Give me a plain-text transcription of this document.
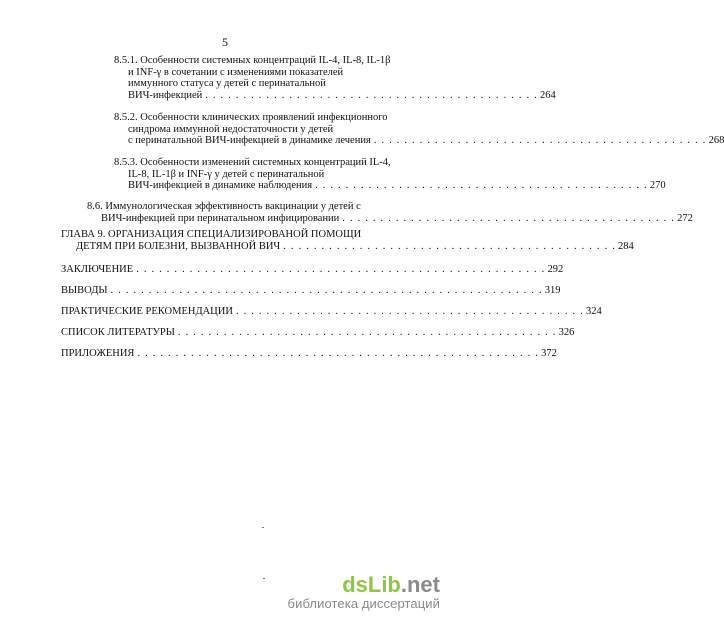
5
8.5.1. Особенности системных концентраций IL-4, IL-8, IL-1β
и INF-γ в сочетании с изменениями показателей
иммунного статуса у детей с перинатальной
ВИЧ-инфекцией . . . . . . . . . . . . . . . . . . . . . . . . . . . . . . . . . . . . . . . . . . . . 264
8.5.2. Особенности клинических проявлений инфекционного
синдрома иммунной недостаточности у детей
с перинатальной ВИЧ-инфекцией в динамике лечения . . . . . . . . . . . . . . . . . . . . . . . . . . . . . . . . . . . . . . . . . . . . 268
8.5.3. Особенности изменений системных концентраций IL-4,
IL-8, IL-1β и INF-γ у детей с перинатальной
ВИЧ-инфекцией в динамике наблюдения . . . . . . . . . . . . . . . . . . . . . . . . . . . . . . . . . . . . . . . . . . . . 270
8.6. Иммунологическая эффективность вакцинации у детей с
ВИЧ-инфекцией при перинатальном инфицировании . . . . . . . . . . . . . . . . . . . . . . . . . . . . . . . . . . . . . . . . . . . . 272
ГЛАВА 9. ОРГАНИЗАЦИЯ СПЕЦИАЛИЗИРОВАНОЙ ПОМОЩИ
ДЕТЯМ ПРИ БОЛЕЗНИ, ВЫЗВАННОЙ ВИЧ . . . . . . . . . . . . . . . . . . . . . . . . . . . . . . . . . . . . . . . . . . . . 284
ЗАКЛЮЧЕНИЕ . . . . . . . . . . . . . . . . . . . . . . . . . . . . . . . . . . . . . . . . . . . . . . . . . . . . . . 292
ВЫВОДЫ . . . . . . . . . . . . . . . . . . . . . . . . . . . . . . . . . . . . . . . . . . . . . . . . . . . . . . . . . 319
ПРАКТИЧЕСКИЕ РЕКОМЕНДАЦИИ . . . . . . . . . . . . . . . . . . . . . . . . . . . . . . . . . . . . . . . . . . . . . . 324
СПИСОК ЛИТЕРАТУРЫ . . . . . . . . . . . . . . . . . . . . . . . . . . . . . . . . . . . . . . . . . . . . . . . . . . 326
ПРИЛОЖЕНИЯ . . . . . . . . . . . . . . . . . . . . . . . . . . . . . . . . . . . . . . . . . . . . . . . . . . . . . 372
dsLib.net
библиотека диссертаций
